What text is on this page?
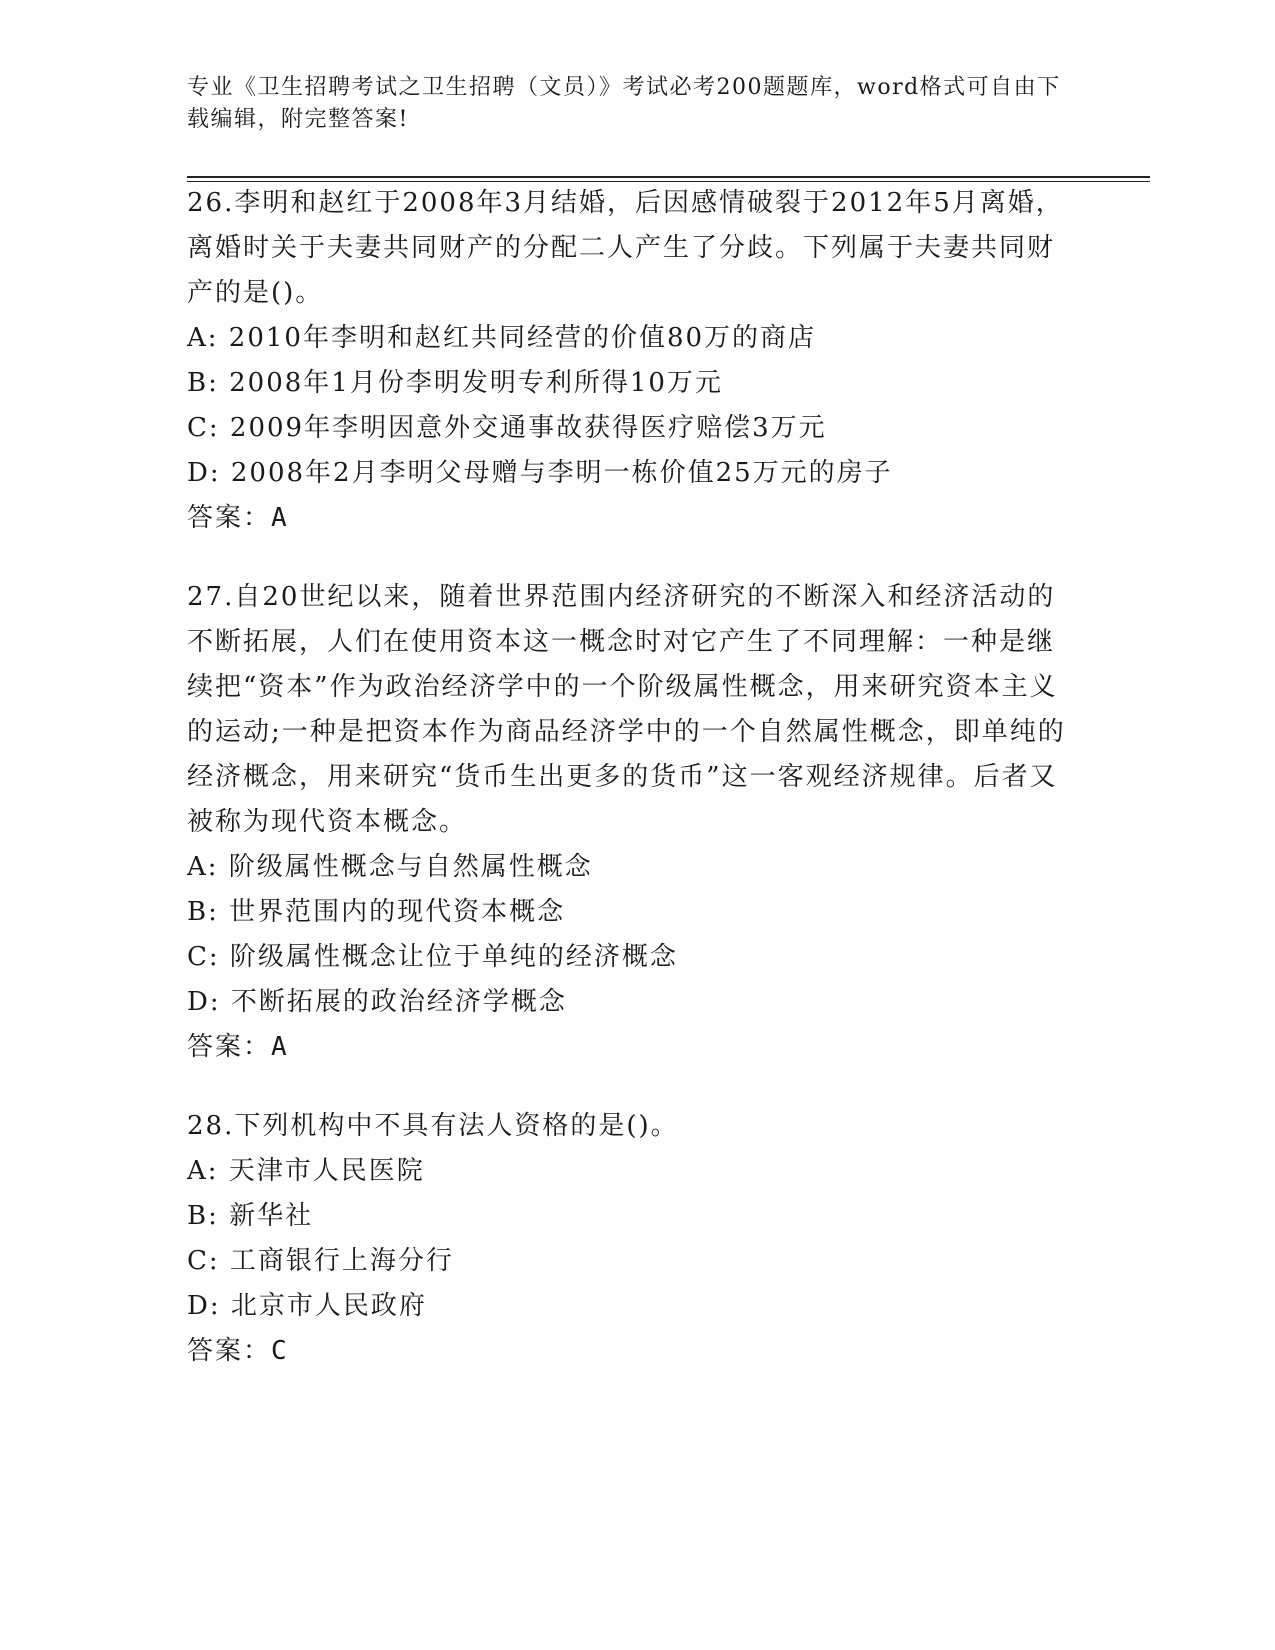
专业《卫生招聘考试之卫生招聘（文员）》考试必考200题题库，word格式可自由下载编辑，附完整答案!

26.李明和赵红于2008年3月结婚，后因感情破裂于2012年5月离婚，离婚时关于夫妻共同财产的分配二人产生了分歧。下列属于夫妻共同财产的是()。

A: 2010年李明和赵红共同经营的价值80万的商店

B: 2008年1月份李明发明专利所得10万元

C: 2009年李明因意外交通事故获得医疗赔偿3万元

D: 2008年2月李明父母赠与李明一栋价值25万元的房子

答案：A

27.自20世纪以来，随着世界范围内经济研究的不断深入和经济活动的不断拓展，人们在使用资本这一概念时对它产生了不同理解：一种是继续把“资本”作为政治经济学中的一个阶级属性概念，用来研究资本主义的运动;一种是把资本作为商品经济学中的一个自然属性概念，即单纯的经济概念，用来研究“货币生出更多的货币”这一客观经济规律。后者又被称为现代资本概念。

A: 阶级属性概念与自然属性概念

B: 世界范围内的现代资本概念

C: 阶级属性概念让位于单纯的经济概念

D: 不断拓展的政治经济学概念

答案：A

28.下列机构中不具有法人资格的是()。

A: 天津市人民医院

B: 新华社

C: 工商银行上海分行

D: 北京市人民政府

答案：C
